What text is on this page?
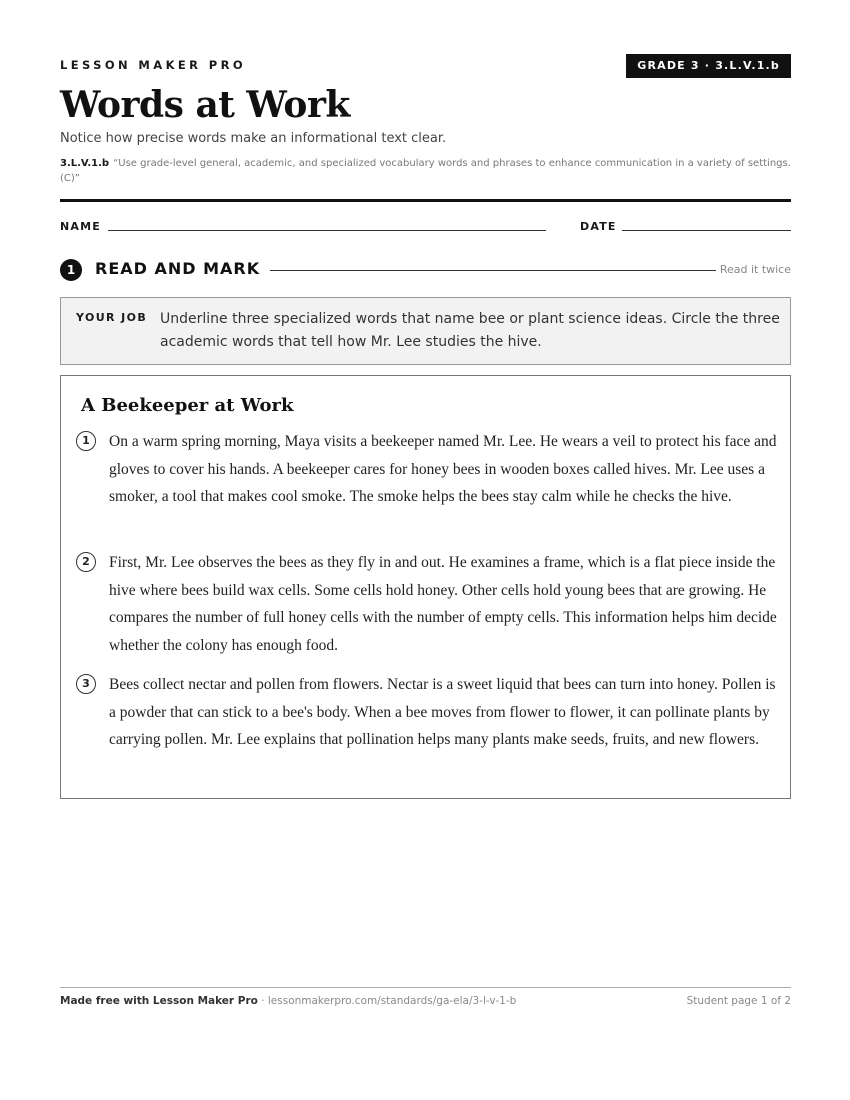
LESSON MAKER PRO	GRADE 3 · 3.L.V.1.b
Words at Work
Notice how precise words make an informational text clear.
3.L.V.1.b “Use grade-level general, academic, and specialized vocabulary words and phrases to enhance communication in a variety of settings. (C)”
NAME	DATE
1	READ AND MARK	Read it twice
YOUR JOB Underline three specialized words that name bee or plant science ideas. Circle the three academic words that tell how Mr. Lee studies the hive.
A Beekeeper at Work
1	On a warm spring morning, Maya visits a beekeeper named Mr. Lee. He wears a veil to protect his face and gloves to cover his hands. A beekeeper cares for honey bees in wooden boxes called hives. Mr. Lee uses a smoker, a tool that makes cool smoke. The smoke helps the bees stay calm while he checks the hive.
2	First, Mr. Lee observes the bees as they fly in and out. He examines a frame, which is a flat piece inside the hive where bees build wax cells. Some cells hold honey. Other cells hold young bees that are growing. He compares the number of full honey cells with the number of empty cells. This information helps him decide whether the colony has enough food.
3	Bees collect nectar and pollen from flowers. Nectar is a sweet liquid that bees can turn into honey. Pollen is a powder that can stick to a bee's body. When a bee moves from flower to flower, it can pollinate plants by carrying pollen. Mr. Lee explains that pollination helps many plants make seeds, fruits, and new flowers.
Made free with Lesson Maker Pro · lessonmakerpro.com/standards/ga-ela/3-l-v-1-b	Student page 1 of 2
